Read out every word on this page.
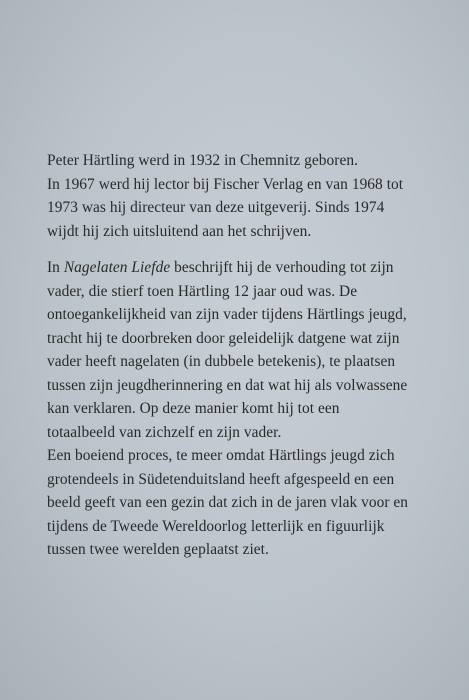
Peter Härtling werd in 1932 in Chemnitz geboren.
In 1967 werd hij lector bij Fischer Verlag en van 1968 tot
1973 was hij directeur van deze uitgeverij. Sinds 1974
wijdt hij zich uitsluitend aan het schrijven.
In Nagelaten Liefde beschrijft hij de verhouding tot zijn
vader, die stierf toen Härtling 12 jaar oud was. De
ontoegankelijkheid van zijn vader tijdens Härtlings jeugd,
tracht hij te doorbreken door geleidelijk datgene wat zijn
vader heeft nagelaten (in dubbele betekenis), te plaatsen
tussen zijn jeugdherinnering en dat wat hij als volwassene
kan verklaren. Op deze manier komt hij tot een
totaalbeeld van zichzelf en zijn vader.
Een boeiend proces, te meer omdat Härtlings jeugd zich
grotendeels in Südetenduitsland heeft afgespeeld en een
beeld geeft van een gezin dat zich in de jaren vlak voor en
tijdens de Tweede Wereldoorlog letterlijk en figuurlijk
tussen twee werelden geplaatst ziet.
